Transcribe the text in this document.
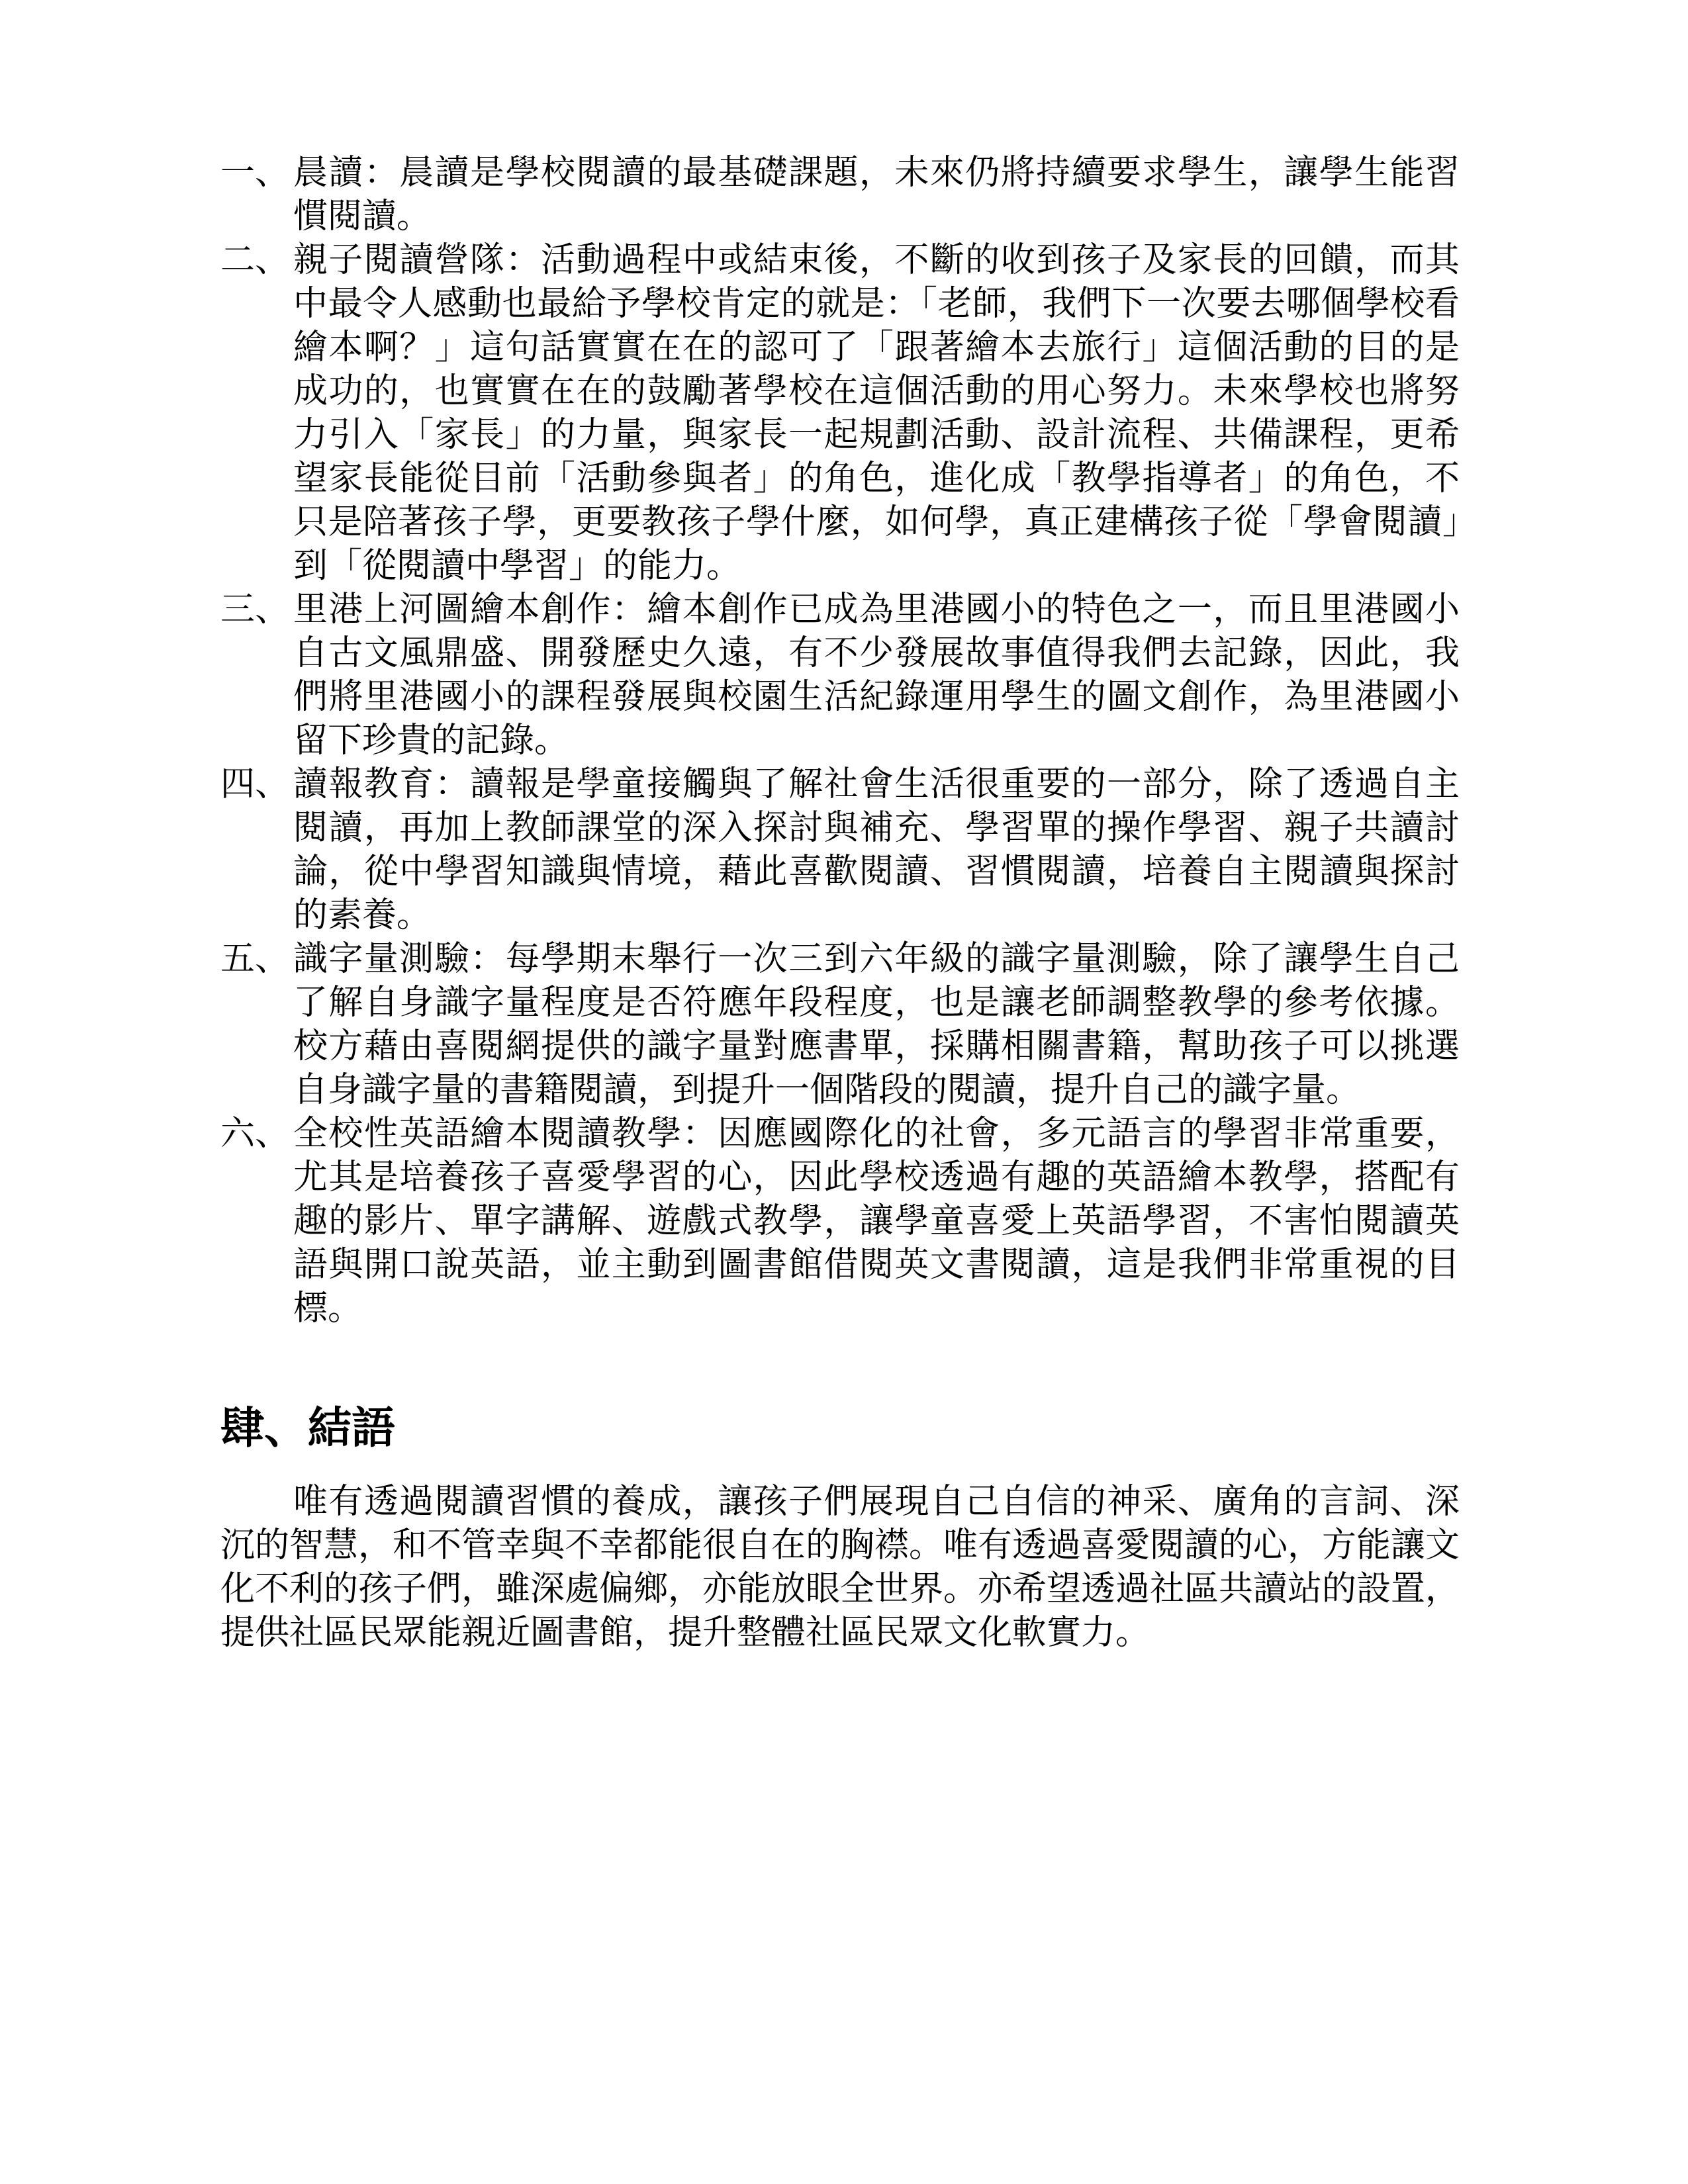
一、 晨讀：晨讀是學校閱讀的最基礎課題，未來仍將持續要求學生，讓學生能習慣閱讀。
二、 親子閱讀營隊：活動過程中或結束後，不斷的收到孩子及家長的回饋，而其中最令人感動也最給予學校肯定的就是：「老師，我們下一次要去哪個學校看繪本啊？」這句話實實在在的認可了「跟著繪本去旅行」這個活動的目的是成功的，也實實在在的鼓勵著學校在這個活動的用心努力。未來學校也將努力引入「家長」的力量，與家長一起規劃活動、設計流程、共備課程，更希望家長能從目前「活動參與者」的角色，進化成「教學指導者」的角色，不只是陪著孩子學，更要教孩子學什麼，如何學，真正建構孩子從「學會閱讀」到「從閱讀中學習」的能力。
三、 里港上河圖繪本創作：繪本創作已成為里港國小的特色之一，而且里港國小自古文風鼎盛、開發歷史久遠，有不少發展故事值得我們去記錄，因此，我們將里港國小的課程發展與校園生活紀錄運用學生的圖文創作，為里港國小留下珍貴的記錄。
四、 讀報教育：讀報是學童接觸與了解社會生活很重要的一部分，除了透過自主閱讀，再加上教師課堂的深入探討與補充、學習單的操作學習、親子共讀討論，從中學習知識與情境，藉此喜歡閱讀、習慣閱讀，培養自主閱讀與探討的素養。
五、 識字量測驗：每學期末舉行一次三到六年級的識字量測驗，除了讓學生自己了解自身識字量程度是否符應年段程度，也是讓老師調整教學的參考依據。校方藉由喜閱網提供的識字量對應書單，採購相關書籍，幫助孩子可以挑選自身識字量的書籍閱讀，到提升一個階段的閱讀，提升自己的識字量。
六、 全校性英語繪本閱讀教學：因應國際化的社會，多元語言的學習非常重要，尤其是培養孩子喜愛學習的心，因此學校透過有趣的英語繪本教學，搭配有趣的影片、單字講解、遊戲式教學，讓學童喜愛上英語學習，不害怕閱讀英語與開口說英語，並主動到圖書館借閱英文書閱讀，這是我們非常重視的目標。
肆、結語

唯有透過閱讀習慣的養成，讓孩子們展現自己自信的神采、廣角的言詞、深沉的智慧，和不管幸與不幸都能很自在的胸襟。唯有透過喜愛閱讀的心，方能讓文化不利的孩子們，雖深處偏鄉，亦能放眼全世界。亦希望透過社區共讀站的設置，提供社區民眾能親近圖書館，提升整體社區民眾文化軟實力。
